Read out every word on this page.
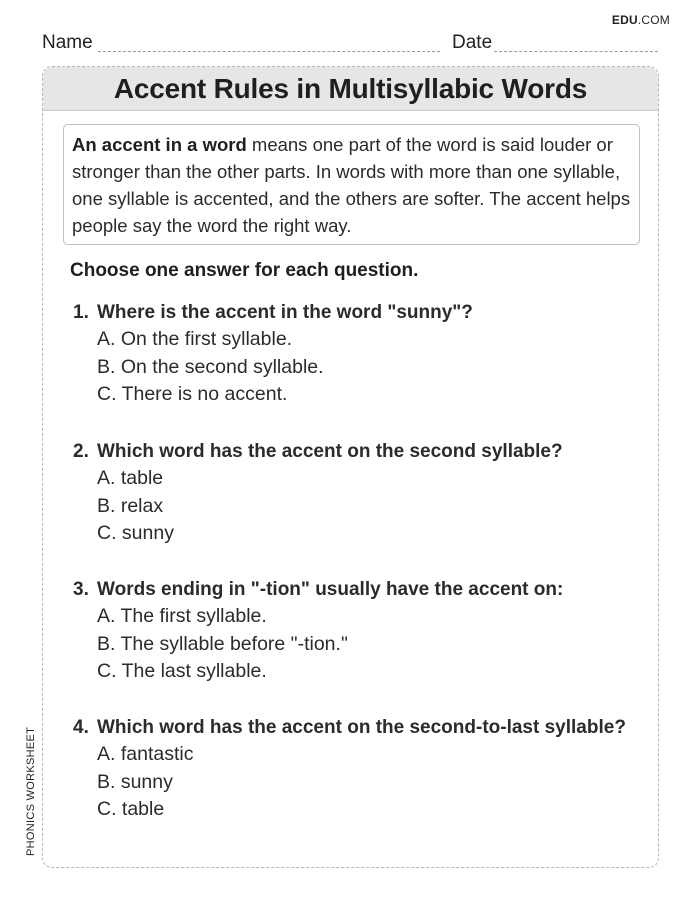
EDU.COM
Name	Date
Accent Rules in Multisyllabic Words
An accent in a word means one part of the word is said louder or stronger than the other parts. In words with more than one syllable, one syllable is accented, and the others are softer. The accent helps people say the word the right way.
Choose one answer for each question.
1. Where is the accent in the word "sunny"?
A. On the first syllable.
B. On the second syllable.
C. There is no accent.
2. Which word has the accent on the second syllable?
A. table
B. relax
C. sunny
3. Words ending in "-tion" usually have the accent on:
A. The first syllable.
B. The syllable before "-tion."
C. The last syllable.
4. Which word has the accent on the second-to-last syllable?
A. fantastic
B. sunny
C. table
PHONICS WORKSHEET
